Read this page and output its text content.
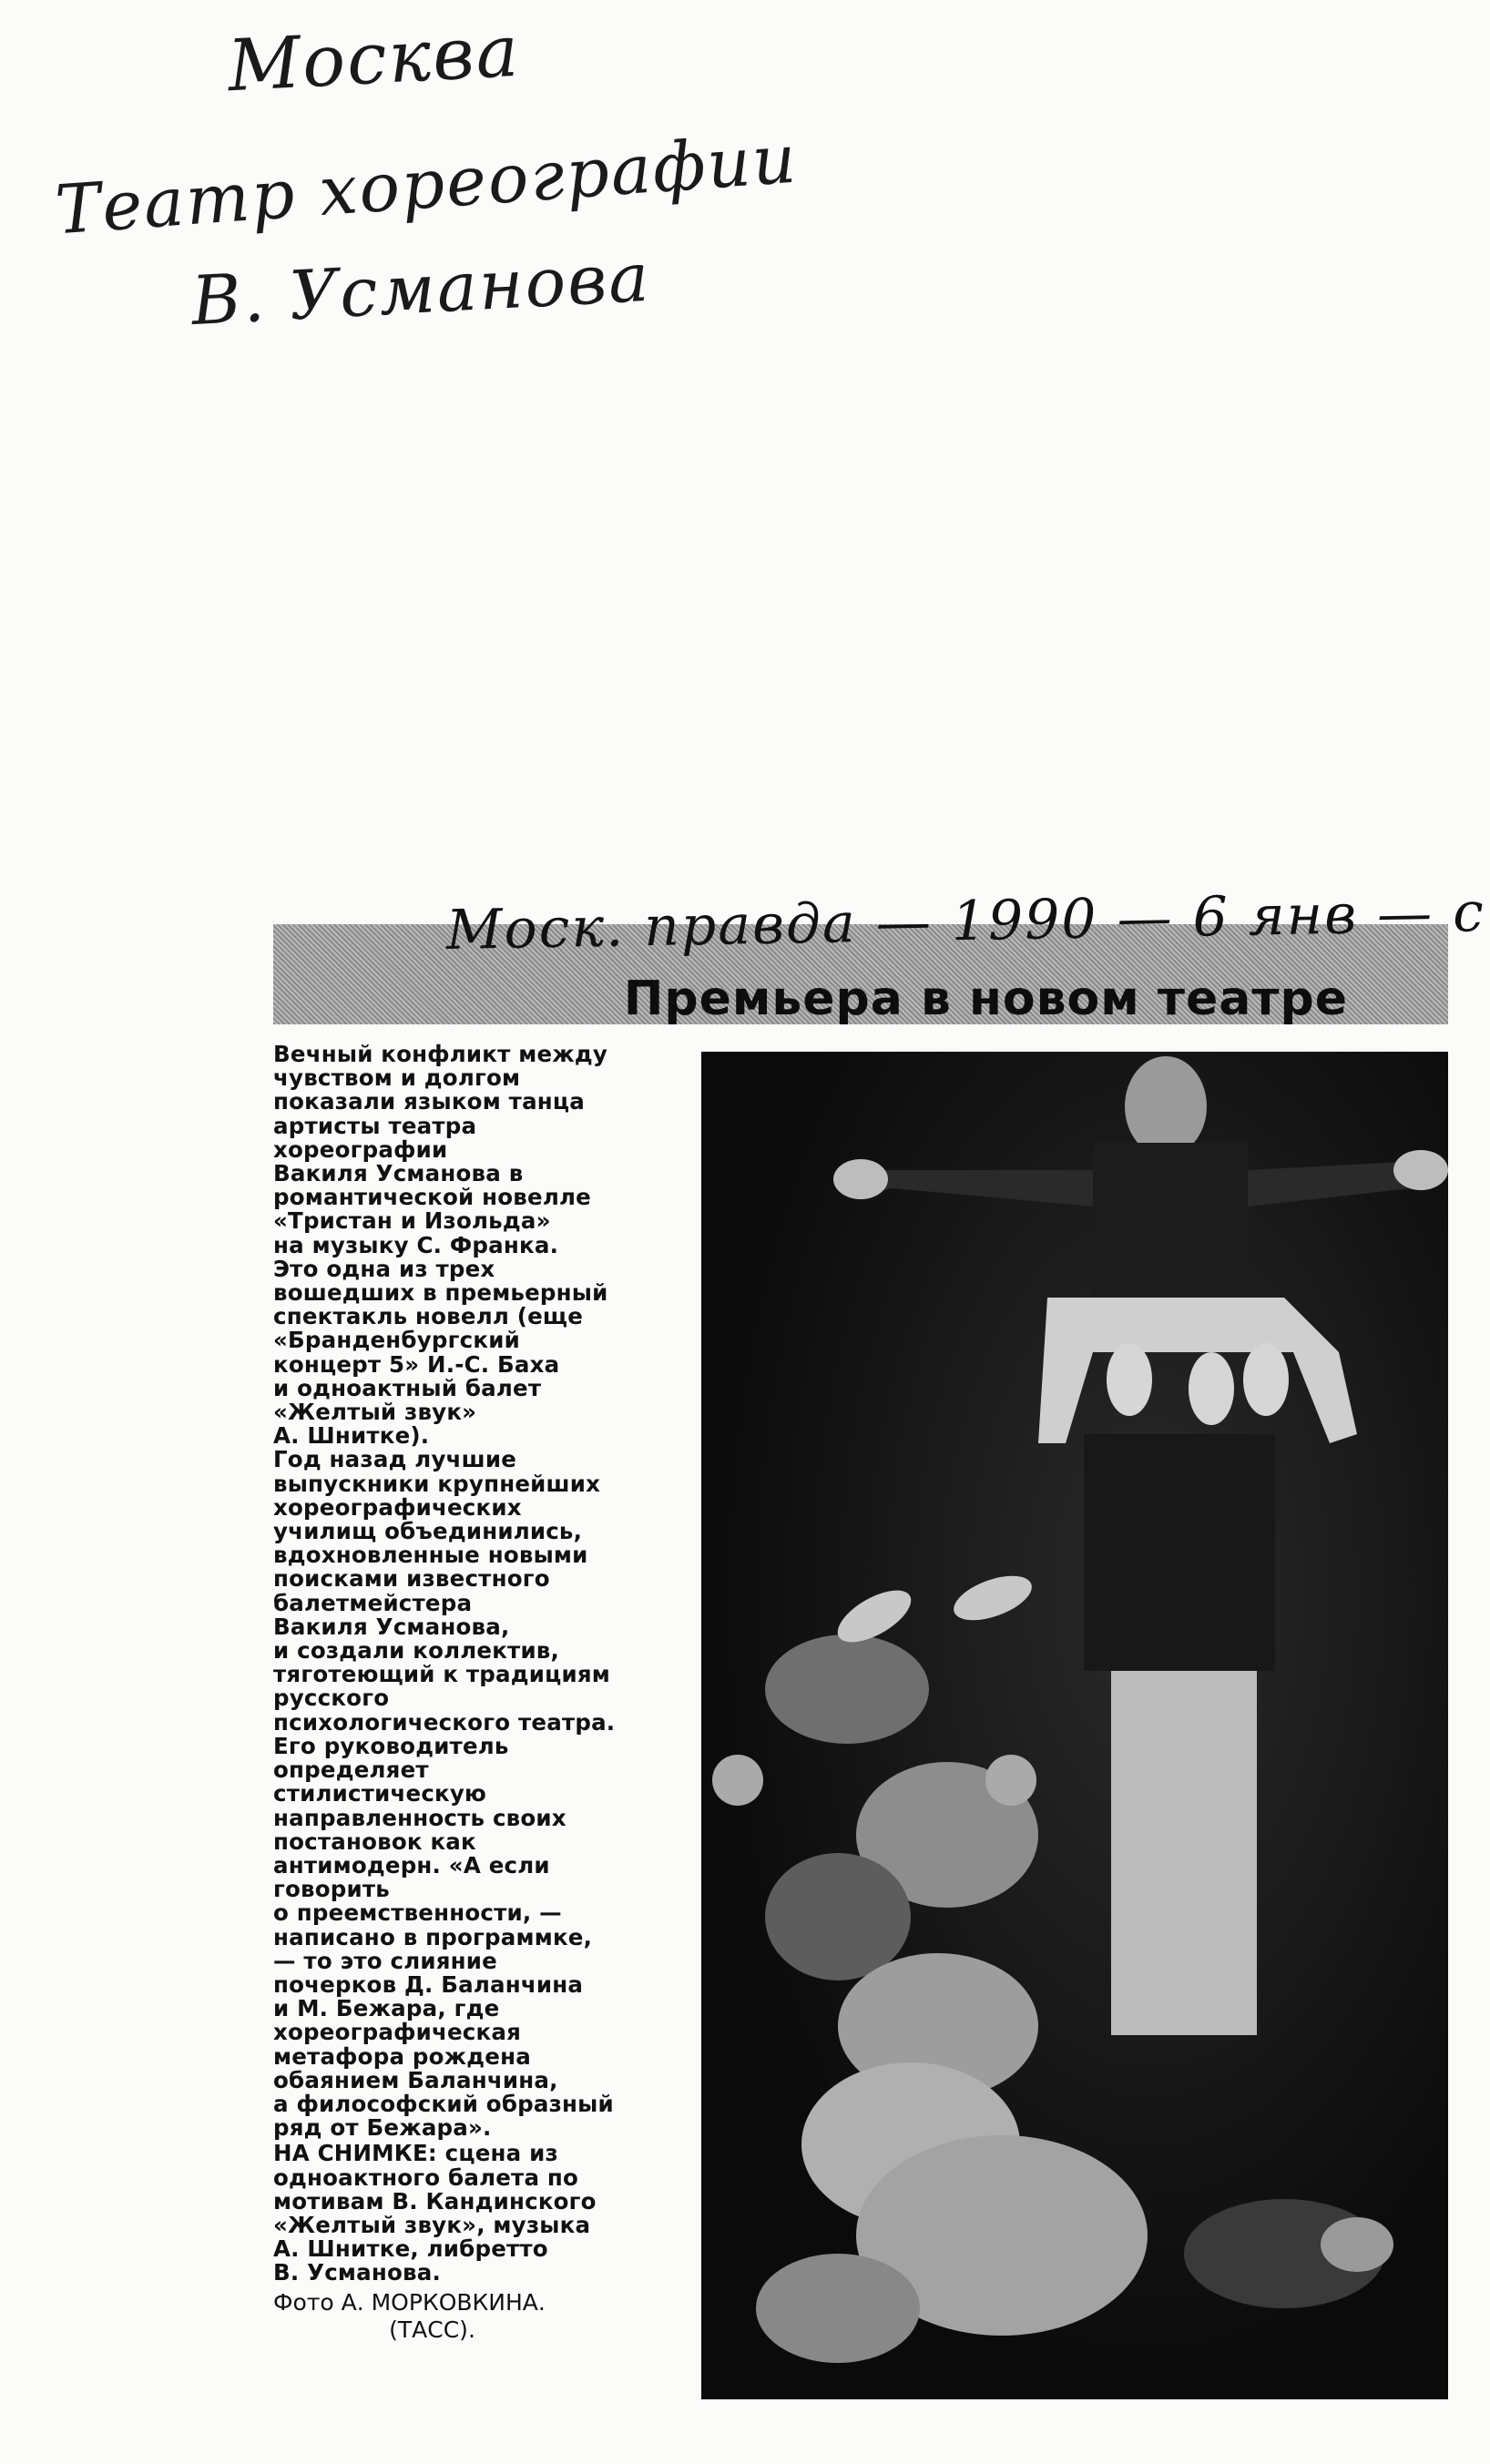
Москва
Театр хореографии
В. Усманова
Премьера в новом театре
Моск. правда — 1990 — 6 янв — с

Вечный конфликт между
чувством и долгом
показали языком танца
артисты театра
хореографии
Вакиля Усманова в
романтической новелле
«Тристан и Изольда»
на музыку С. Франка.
Это одна из трех
вошедших в премьерный
спектакль новелл (еще
«Бранденбургский
концерт 5» И.-С. Баха
и одноактный балет
«Желтый звук»
А. Шнитке).
Год назад лучшие
выпускники крупнейших
хореографических
училищ объединились,
вдохновленные новыми
поисками известного
балетмейстера
Вакиля Усманова,
и создали коллектив,
тяготеющий к традициям
русского
психологического театра.
Его руководитель
определяет
стилистическую
направленность своих
постановок как
антимодерн. «А если
говорить
о преемственности, —
написано в программке,
— то это слияние
почерков Д. Баланчина
и М. Бежара, где
хореографическая
метафора рождена
обаянием Баланчина,
а философский образный
ряд от Бежара».

НА СНИМКЕ: сцена из
одноактного балета по
мотивам В. Кандинского
«Желтый звук», музыка
А. Шнитке, либретто
В. Усманова.

Фото А. МОРКОВКИНА.
(ТАСС).
